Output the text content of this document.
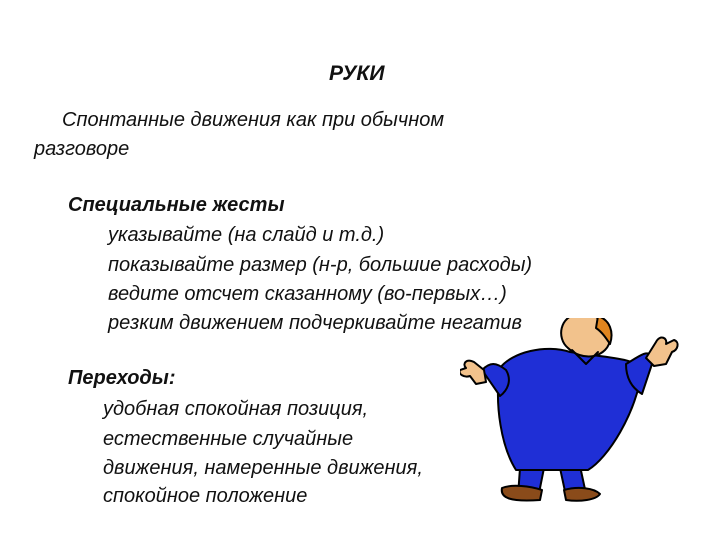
РУКИ
Спонтанные движения как при обычном
разговоре
Специальные жесты
указывайте (на слайд и т.д.)
показывайте размер (н-р, большие расходы)
ведите отсчет сказанному (во-первых…)
резким движением подчеркивайте негатив
Переходы:
удобная спокойная позиция,
естественные случайные
движения, намеренные движения,
спокойное положение
